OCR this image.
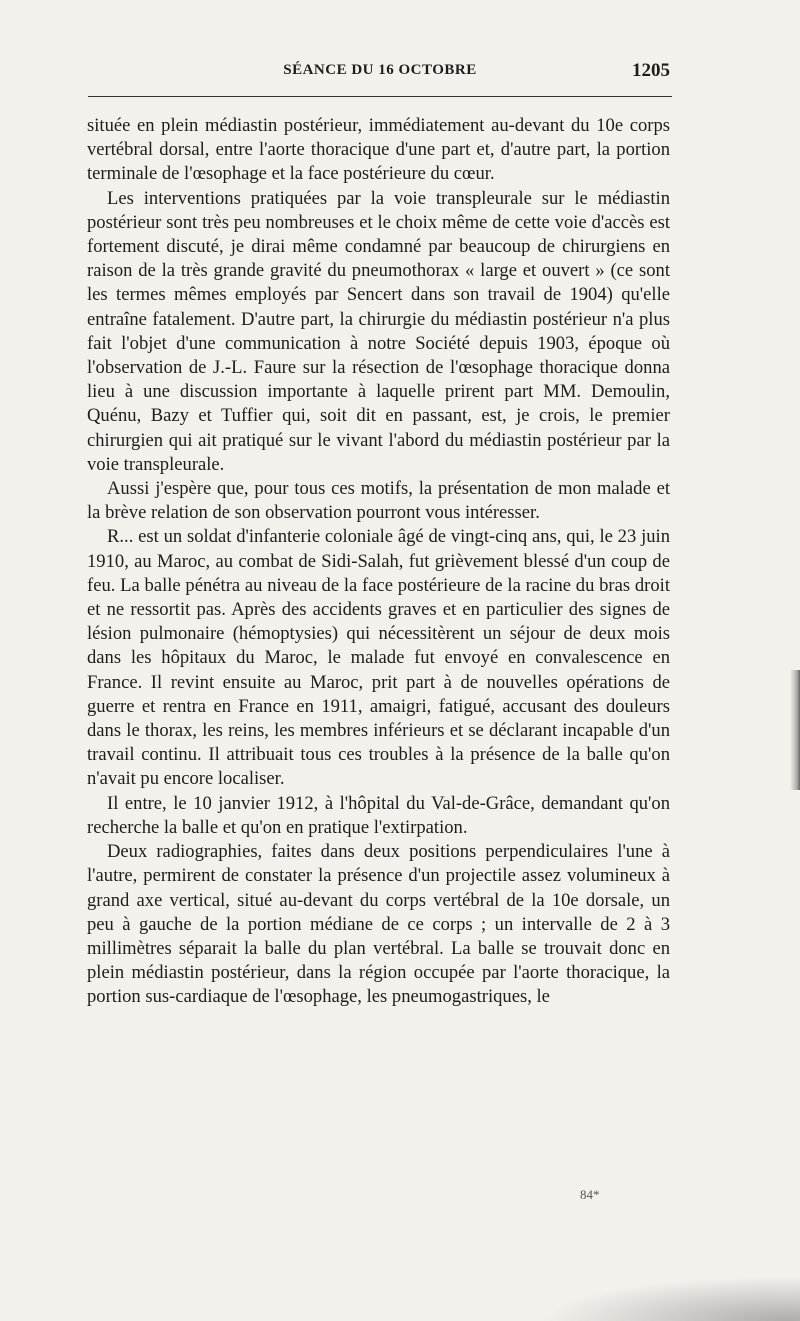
SÉANCE DU 16 OCTOBRE	1205

située en plein médiastin postérieur, immédiatement au-devant du 10e corps vertébral dorsal, entre l'aorte thoracique d'une part et, d'autre part, la portion terminale de l'œsophage et la face postérieure du cœur.

Les interventions pratiquées par la voie transpleurale sur le médiastin postérieur sont très peu nombreuses et le choix même de cette voie d'accès est fortement discuté, je dirai même condamné par beaucoup de chirurgiens en raison de la très grande gravité du pneumothorax « large et ouvert » (ce sont les termes mêmes employés par Sencert dans son travail de 1904) qu'elle entraîne fatalement. D'autre part, la chirurgie du médiastin postérieur n'a plus fait l'objet d'une communication à notre Société depuis 1903, époque où l'observation de J.-L. Faure sur la résection de l'œsophage thoracique donna lieu à une discussion importante à laquelle prirent part MM. Demoulin, Quénu, Bazy et Tuffier qui, soit dit en passant, est, je crois, le premier chirurgien qui ait pratiqué sur le vivant l'abord du médiastin postérieur par la voie transpleurale.

Aussi j'espère que, pour tous ces motifs, la présentation de mon malade et la brève relation de son observation pourront vous intéresser.

R... est un soldat d'infanterie coloniale âgé de vingt-cinq ans, qui, le 23 juin 1910, au Maroc, au combat de Sidi-Salah, fut grièvement blessé d'un coup de feu. La balle pénétra au niveau de la face postérieure de la racine du bras droit et ne ressortit pas. Après des accidents graves et en particulier des signes de lésion pulmonaire (hémoptysies) qui nécessitèrent un séjour de deux mois dans les hôpitaux du Maroc, le malade fut envoyé en convalescence en France. Il revint ensuite au Maroc, prit part à de nouvelles opérations de guerre et rentra en France en 1911, amaigri, fatigué, accusant des douleurs dans le thorax, les reins, les membres inférieurs et se déclarant incapable d'un travail continu. Il attribuait tous ces troubles à la présence de la balle qu'on n'avait pu encore localiser.

Il entre, le 10 janvier 1912, à l'hôpital du Val-de-Grâce, demandant qu'on recherche la balle et qu'on en pratique l'extirpation.

Deux radiographies, faites dans deux positions perpendiculaires l'une à l'autre, permirent de constater la présence d'un projectile assez volumineux à grand axe vertical, situé au-devant du corps vertébral de la 10e dorsale, un peu à gauche de la portion médiane de ce corps ; un intervalle de 2 à 3 millimètres séparait la balle du plan vertébral. La balle se trouvait donc en plein médiastin postérieur, dans la région occupée par l'aorte thoracique, la portion sus-cardiaque de l'œsophage, les pneumogastriques, le

84*
